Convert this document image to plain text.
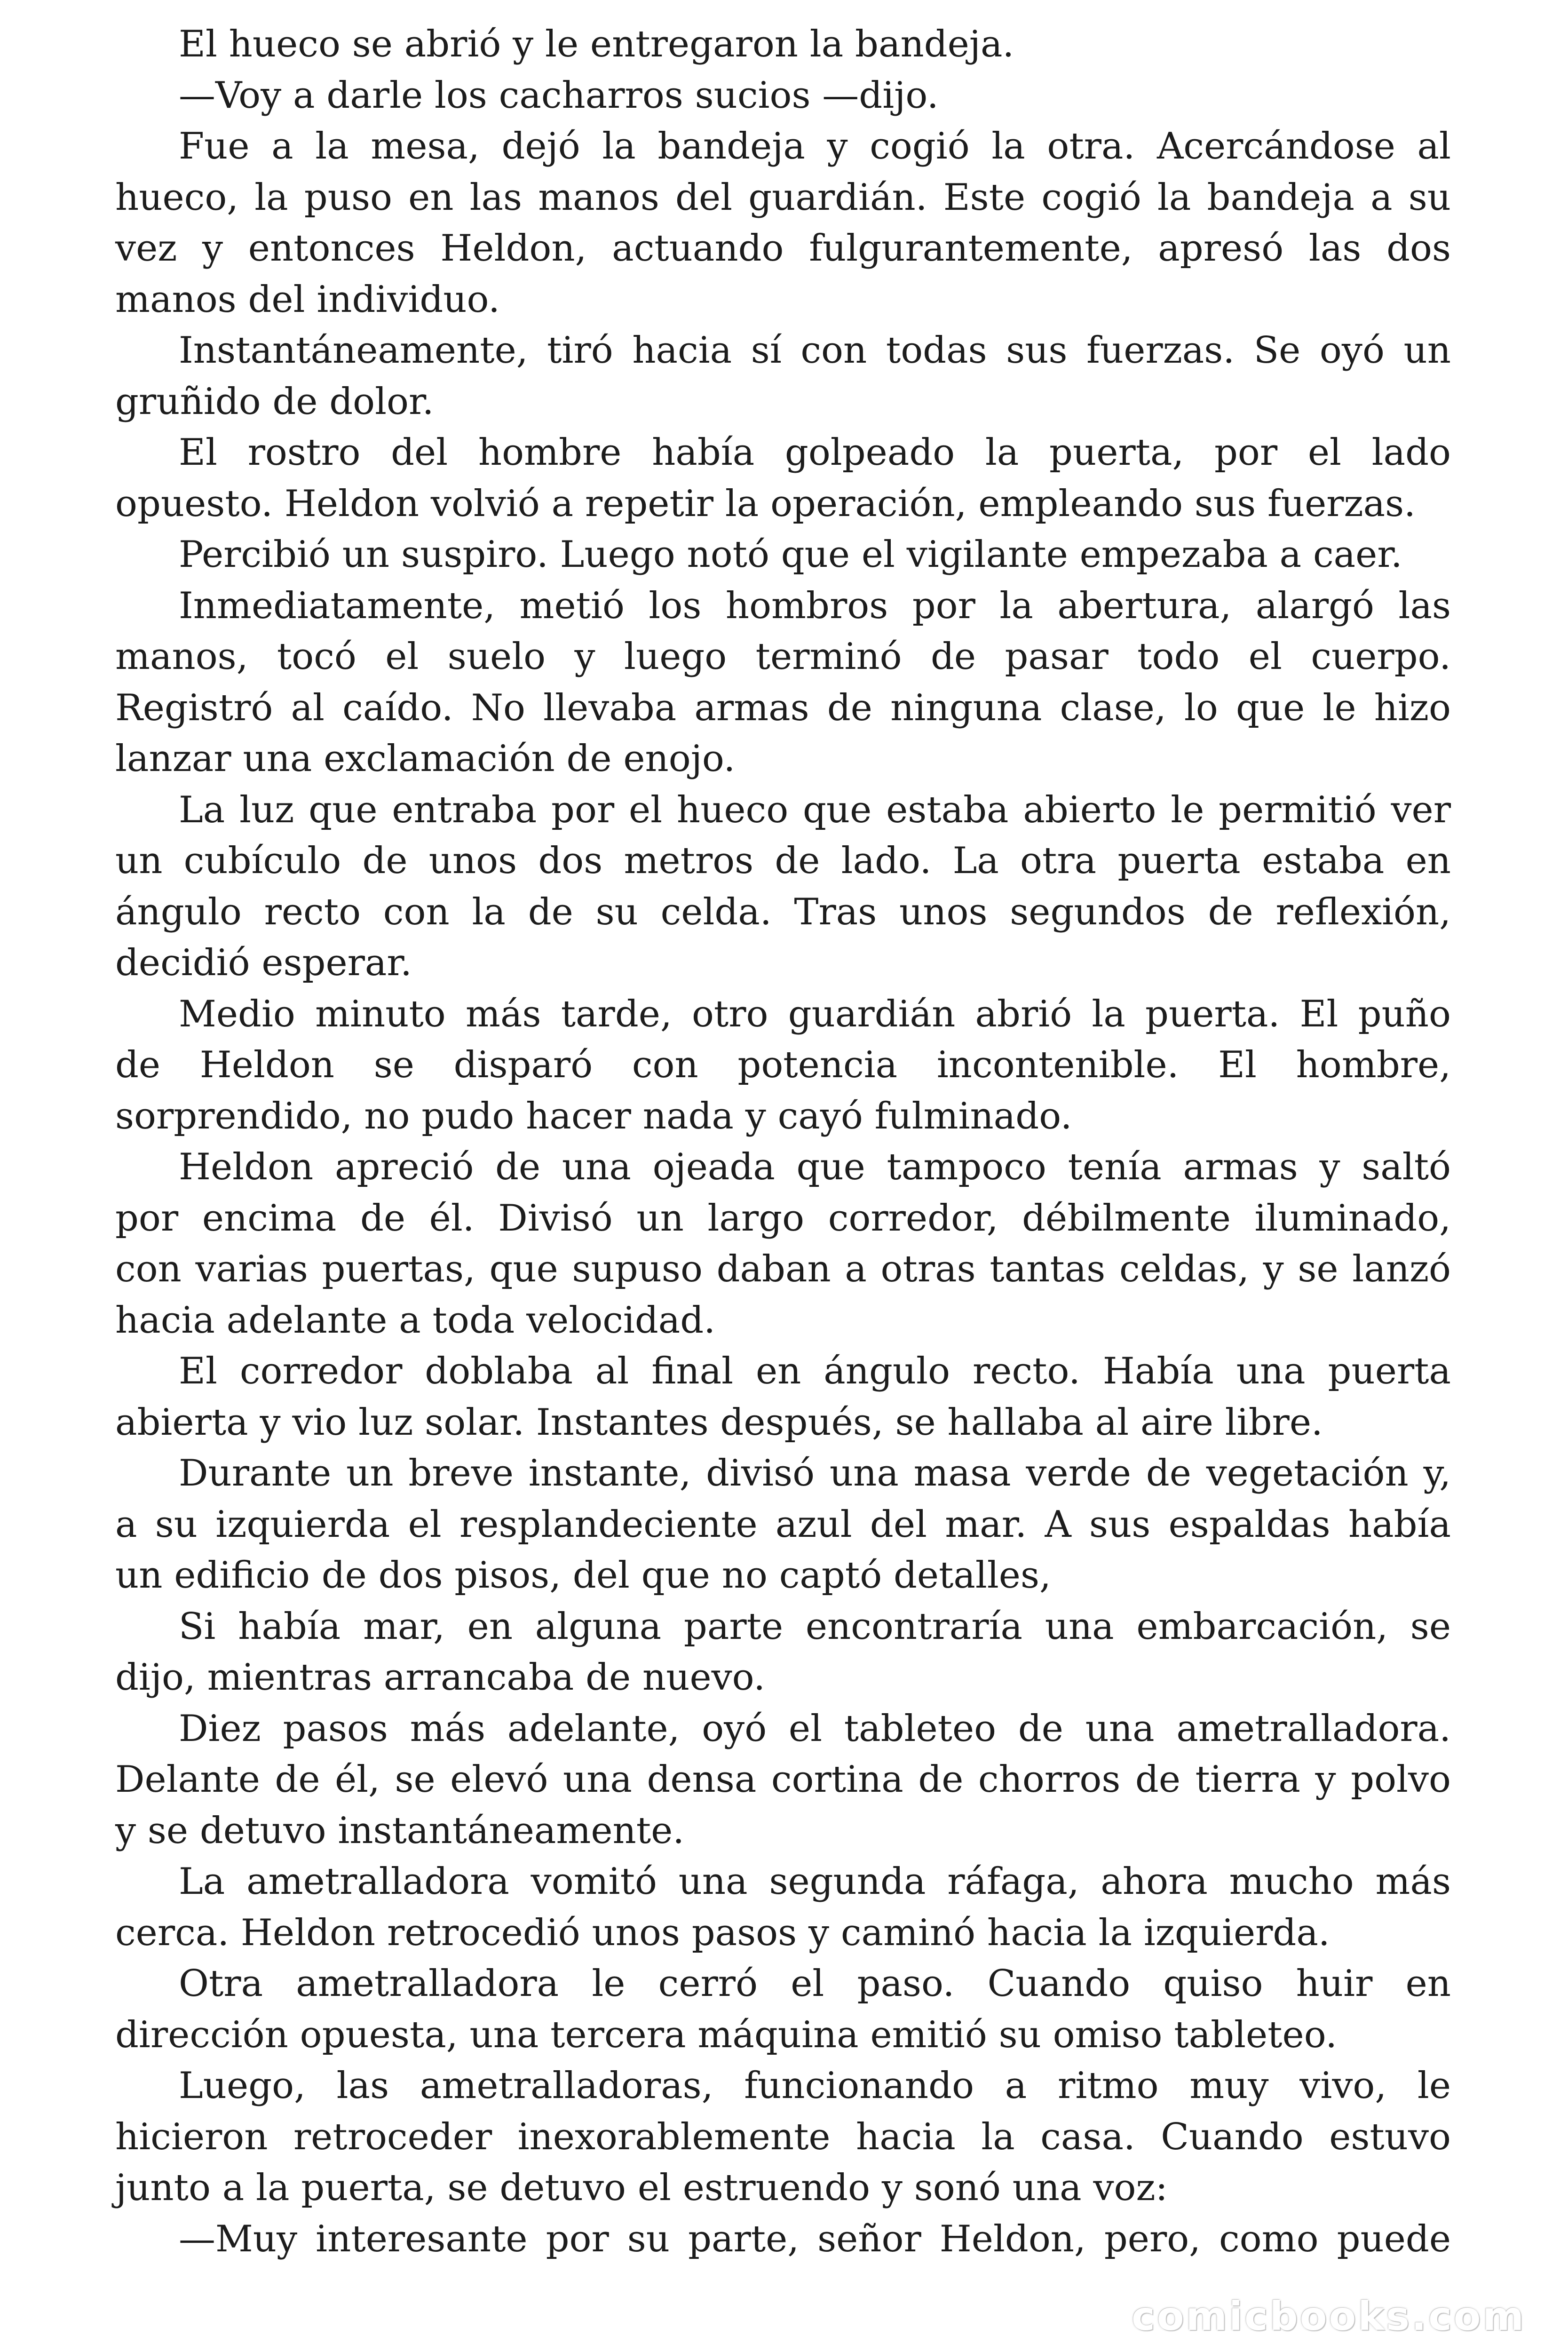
El hueco se abrió y le entregaron la bandeja.
—Voy a darle los cacharros sucios —dijo.
Fue a la mesa, dejó la bandeja y cogió la otra. Acercándose al
hueco, la puso en las manos del guardián. Este cogió la bandeja a su
vez y entonces Heldon, actuando fulgurantemente, apresó las dos
manos del individuo.
Instantáneamente, tiró hacia sí con todas sus fuerzas. Se oyó un
gruñido de dolor.
El rostro del hombre había golpeado la puerta, por el lado
opuesto. Heldon volvió a repetir la operación, empleando sus fuerzas.
Percibió un suspiro. Luego notó que el vigilante empezaba a caer.
Inmediatamente, metió los hombros por la abertura, alargó las
manos, tocó el suelo y luego terminó de pasar todo el cuerpo.
Registró al caído. No llevaba armas de ninguna clase, lo que le hizo
lanzar una exclamación de enojo.
La luz que entraba por el hueco que estaba abierto le permitió ver
un cubículo de unos dos metros de lado. La otra puerta estaba en
ángulo recto con la de su celda. Tras unos segundos de reflexión,
decidió esperar.
Medio minuto más tarde, otro guardián abrió la puerta. El puño
de Heldon se disparó con potencia incontenible. El hombre,
sorprendido, no pudo hacer nada y cayó fulminado.
Heldon apreció de una ojeada que tampoco tenía armas y saltó
por encima de él. Divisó un largo corredor, débilmente iluminado,
con varias puertas, que supuso daban a otras tantas celdas, y se lanzó
hacia adelante a toda velocidad.
El corredor doblaba al final en ángulo recto. Había una puerta
abierta y vio luz solar. Instantes después, se hallaba al aire libre.
Durante un breve instante, divisó una masa verde de vegetación y,
a su izquierda el resplandeciente azul del mar. A sus espaldas había
un edificio de dos pisos, del que no captó detalles,
Si había mar, en alguna parte encontraría una embarcación, se
dijo, mientras arrancaba de nuevo.
Diez pasos más adelante, oyó el tableteo de una ametralladora.
Delante de él, se elevó una densa cortina de chorros de tierra y polvo
y se detuvo instantáneamente.
La ametralladora vomitó una segunda ráfaga, ahora mucho más
cerca. Heldon retrocedió unos pasos y caminó hacia la izquierda.
Otra ametralladora le cerró el paso. Cuando quiso huir en
dirección opuesta, una tercera máquina emitió su omiso tableteo.
Luego, las ametralladoras, funcionando a ritmo muy vivo, le
hicieron retroceder inexorablemente hacia la casa. Cuando estuvo
junto a la puerta, se detuvo el estruendo y sonó una voz:
—Muy interesante por su parte, señor Heldon, pero, como puede
comicbooks.com
